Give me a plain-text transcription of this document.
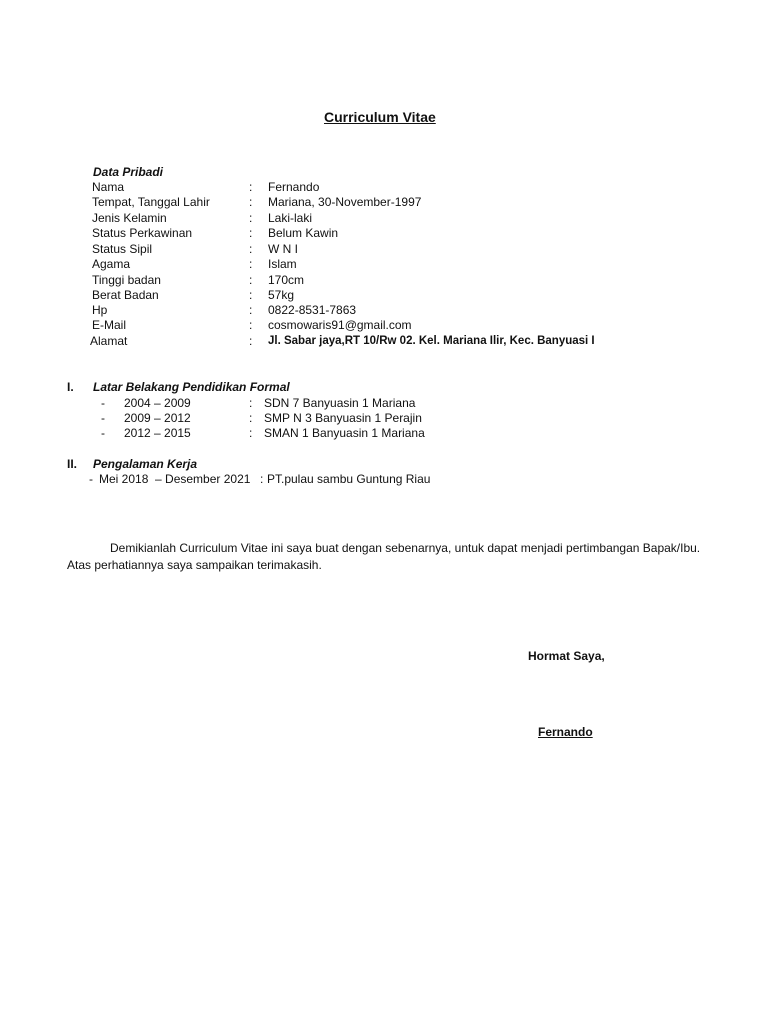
Curriculum Vitae
Data Pribadi
Nama	: Fernando
Tempat, Tanggal Lahir	: Mariana, 30-November-1997
Jenis Kelamin	: Laki-laki
Status Perkawinan	: Belum Kawin
Status Sipil	: W N I
Agama	: Islam
Tinggi badan	: 170cm
Berat Badan	: 57kg
Hp	: 0822-8531-7863
E-Mail	: cosmowaris91@gmail.com
Alamat	: Jl. Sabar jaya,RT 10/Rw 02. Kel. Mariana Ilir, Kec. Banyuasi I
I. Latar Belakang Pendidikan Formal
- 2004 – 2009	: SDN 7 Banyuasin 1 Mariana
- 2009 – 2012	: SMP N 3 Banyuasin 1 Perajin
- 2012 – 2015	: SMAN 1 Banyuasin 1 Mariana
II. Pengalaman Kerja
- Mei 2018  – Desember 2021 : PT.pulau sambu Guntung Riau
Demikianlah Curriculum Vitae ini saya buat dengan sebenarnya, untuk dapat menjadi pertimbangan Bapak/Ibu. Atas perhatiannya saya sampaikan terimakasih.
Hormat Saya,
Fernando
